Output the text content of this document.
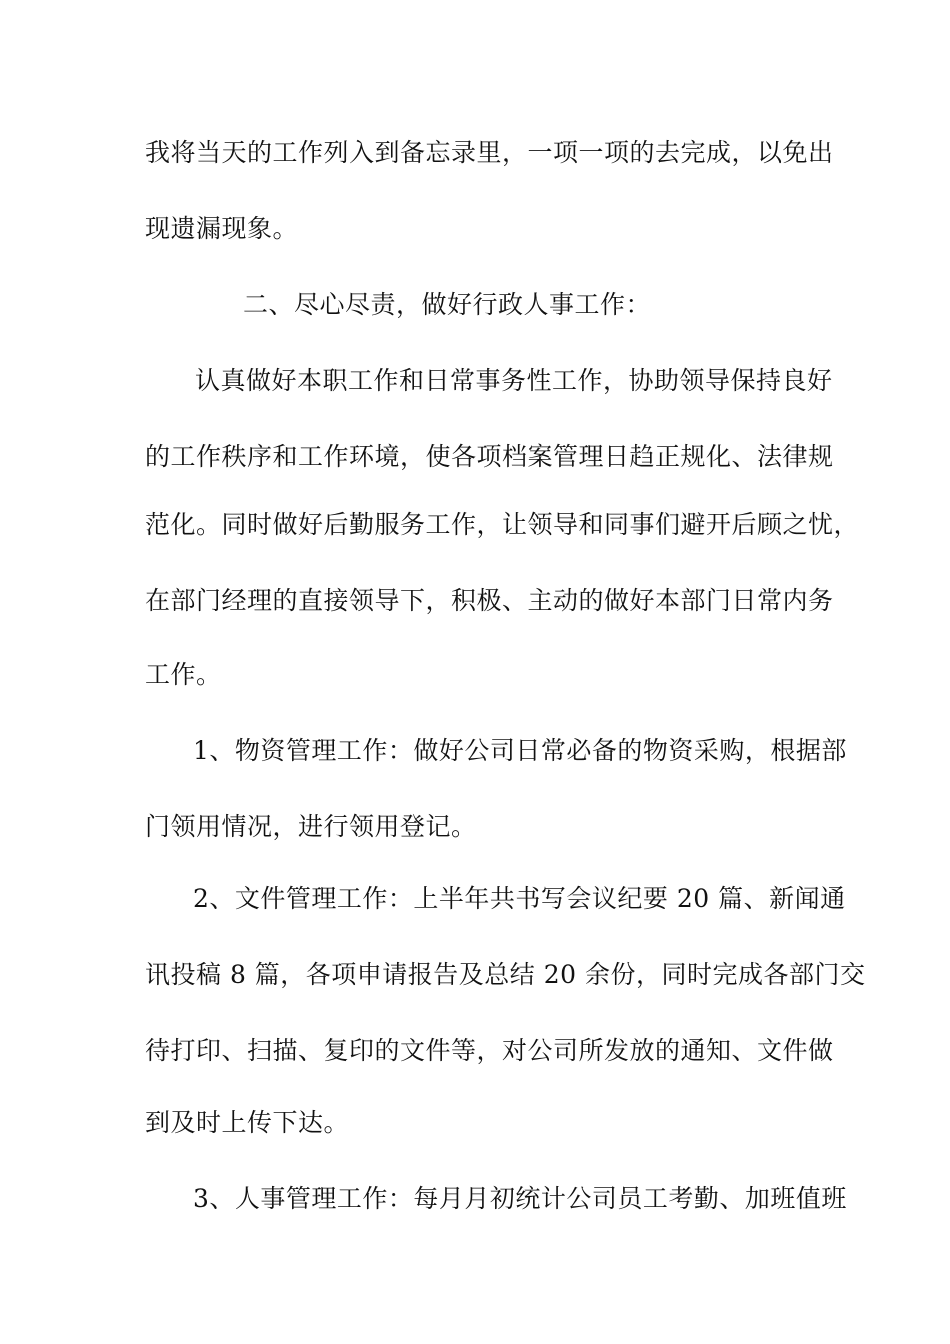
我将当天的工作列入到备忘录里，一项一项的去完成，以免出
现遗漏现象。
二、尽心尽责，做好行政人事工作：
认真做好本职工作和日常事务性工作，协助领导保持良好
的工作秩序和工作环境，使各项档案管理日趋正规化、法律规
范化。同时做好后勤服务工作，让领导和同事们避开后顾之忧，
在部门经理的直接领导下，积极、主动的做好本部门日常内务
工作。
1、物资管理工作：做好公司日常必备的物资采购，根据部
门领用情况，进行领用登记。
2、文件管理工作：上半年共书写会议纪要 20 篇、新闻通
讯投稿 8 篇，各项申请报告及总结 20 余份，同时完成各部门交
待打印、扫描、复印的文件等，对公司所发放的通知、文件做
到及时上传下达。
3、人事管理工作：每月月初统计公司员工考勤、加班值班
